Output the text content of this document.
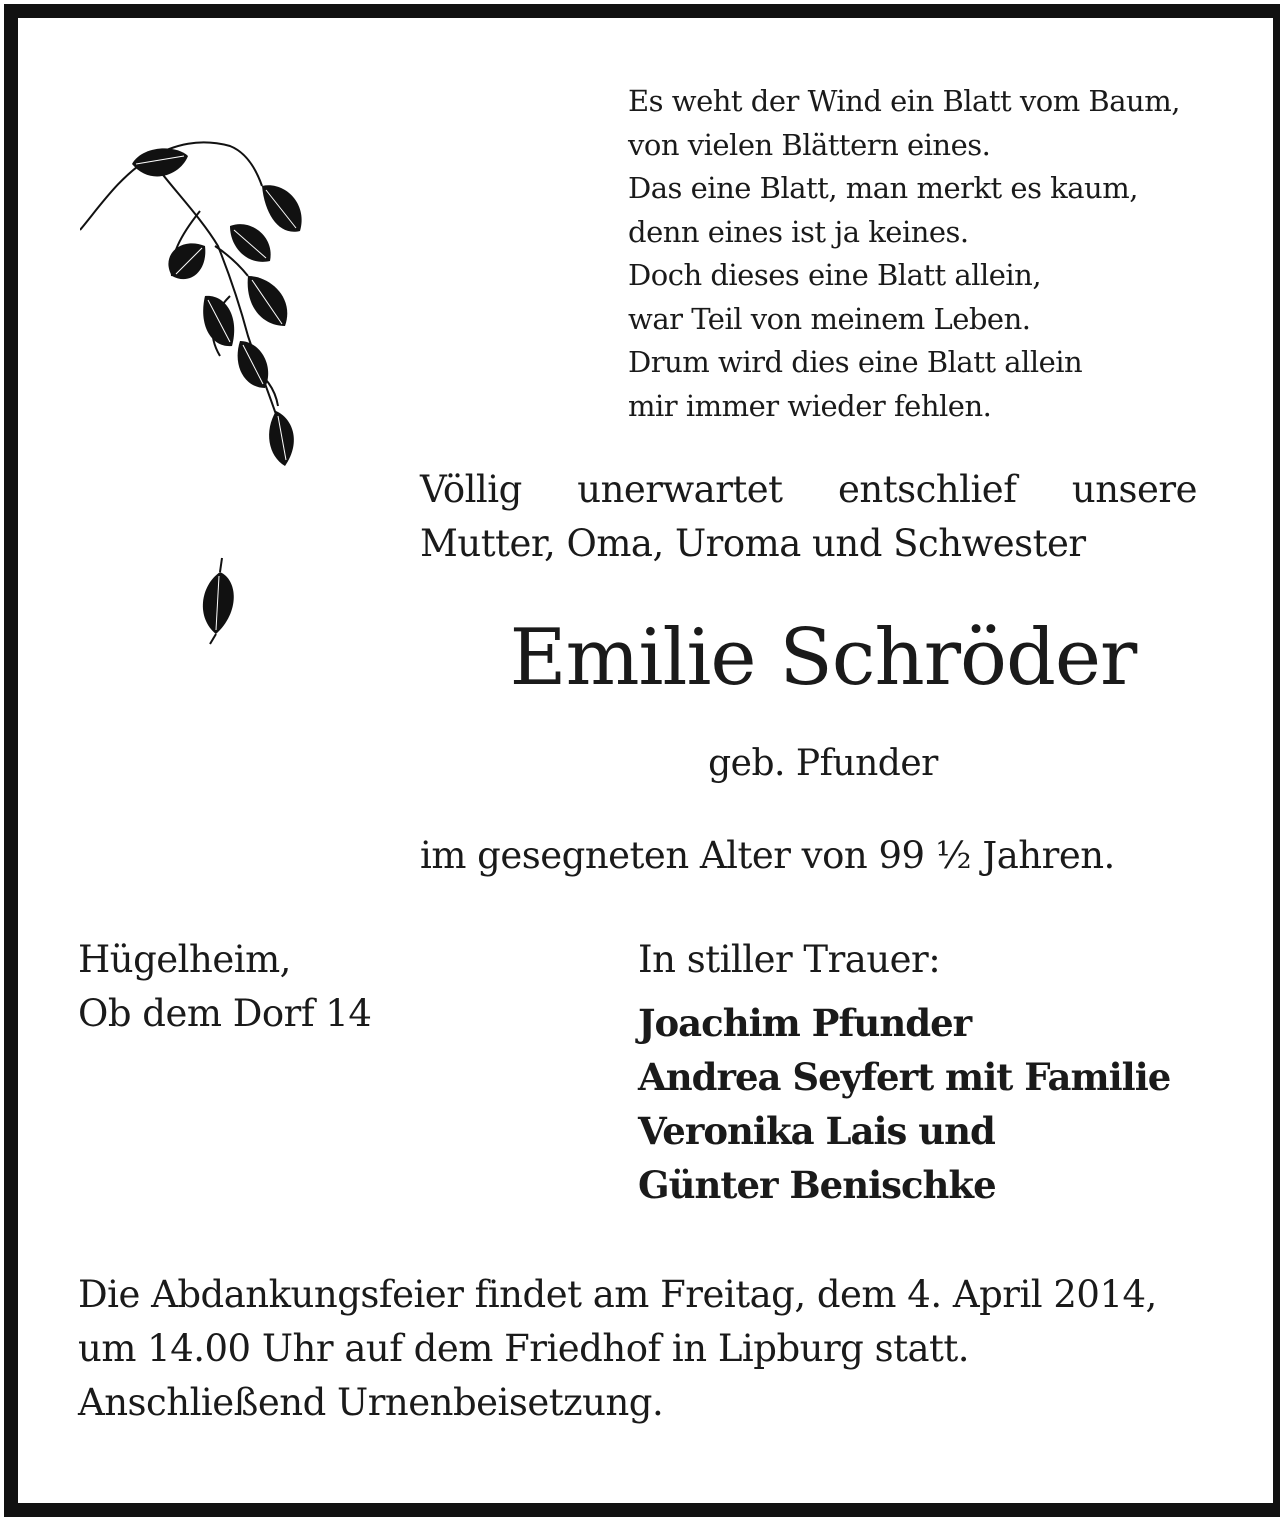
Es weht der Wind ein Blatt vom Baum,
von vielen Blättern eines.
Das eine Blatt, man merkt es kaum,
denn eines ist ja keines.
Doch dieses eine Blatt allein,
war Teil von meinem Leben.
Drum wird dies eine Blatt allein
mir immer wieder fehlen.
Völlig unerwartet entschlief unsere
Mutter, Oma, Uroma und Schwester
Emilie Schröder
geb. Pfunder
im gesegneten Alter von 99 ½ Jahren.
Hügelheim,
Ob dem Dorf 14
In stiller Trauer:
Joachim Pfunder
Andrea Seyfert mit Familie
Veronika Lais und
Günter Benischke
Die Abdankungsfeier findet am Freitag, dem 4. April 2014,
um 14.00 Uhr auf dem Friedhof in Lipburg statt.
Anschließend Urnenbeisetzung.
